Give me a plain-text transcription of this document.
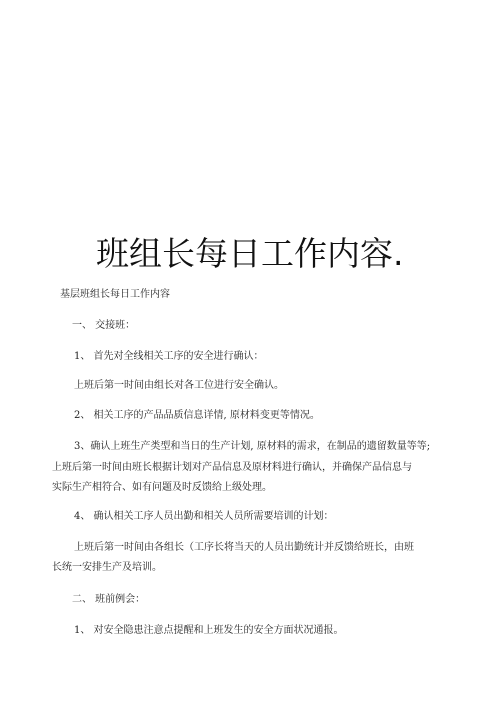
班组长每日工作内容.
基层班组长每日工作内容
一、 交接班：
1、 首先对全线相关工序的安全进行确认：
上班后第一时间由组长对各工位进行安全确认。
2、 相关工序的产品品质信息详情, 原材料变更等情况。
3、确认上班生产类型和当日的生产计划, 原材料的需求，在制品的遗留数量等等;
上班后第一时间由班长根据计划对产品信息及原材料进行确认，并确保产品信息与
实际生产相符合、如有问题及时反馈给上级处理。
4、 确认相关工序人员出勤和相关人员所需要培训的计划：
上班后第一时间由各组长（工序长将当天的人员出勤统计并反馈给班长，由班
长统一安排生产及培训。
二、 班前例会：
1、 对安全隐患注意点提醒和上班发生的安全方面状况通报。
